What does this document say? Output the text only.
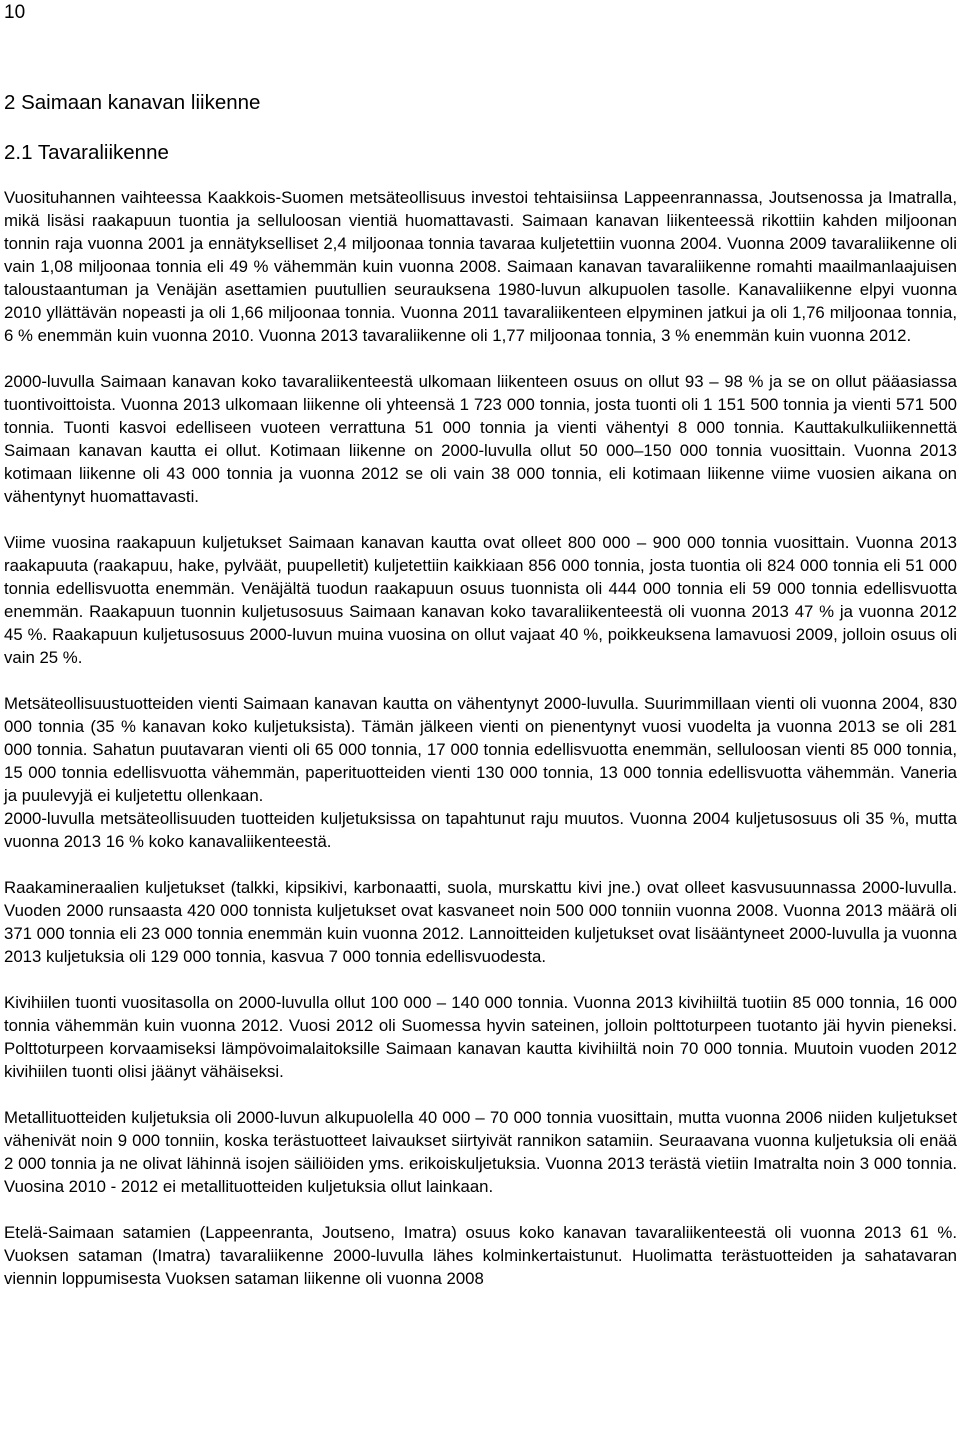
10
2 Saimaan kanavan liikenne
2.1 Tavaraliikenne

Vuosituhannen vaihteessa Kaakkois-Suomen metsäteollisuus investoi tehtaisiinsa Lappeenrannassa, Joutsenossa ja Imatralla, mikä lisäsi raakapuun tuontia ja selluloosan vientiä huomattavasti. Saimaan kanavan liikenteessä rikottiin kahden miljoonan tonnin raja vuonna 2001 ja ennätykselliset 2,4 miljoonaa tonnia tavaraa kuljetettiin vuonna 2004. Vuonna 2009 tavaraliikenne oli vain 1,08 miljoonaa tonnia eli 49 % vähemmän kuin vuonna 2008. Saimaan kanavan tavaraliikenne romahti maailmanlaajuisen taloustaantuman ja Venäjän asettamien puutullien seurauksena 1980-luvun alkupuolen tasolle. Kanavaliikenne elpyi vuonna 2010 yllättävän nopeasti ja oli 1,66 miljoonaa tonnia. Vuonna 2011 tavaraliikenteen elpyminen jatkui ja oli 1,76 miljoonaa tonnia, 6 % enemmän kuin vuonna 2010. Vuonna 2013 tavaraliikenne oli 1,77 miljoonaa tonnia, 3 % enemmän kuin vuonna 2012.

2000-luvulla Saimaan kanavan koko tavaraliikenteestä ulkomaan liikenteen osuus on ollut 93 – 98 % ja se on ollut pääasiassa tuontivoittoista. Vuonna 2013 ulkomaan liikenne oli yhteensä 1 723 000 tonnia, josta tuonti oli 1 151 500 tonnia ja vienti 571 500 tonnia. Tuonti kasvoi edelliseen vuoteen verrattuna 51 000 tonnia ja vienti vähentyi 8 000 tonnia. Kauttakulkuliikennettä Saimaan kanavan kautta ei ollut. Kotimaan liikenne on 2000-luvulla ollut 50 000–150 000 tonnia vuosittain. Vuonna 2013 kotimaan liikenne oli 43 000 tonnia ja vuonna 2012 se oli vain 38 000 tonnia, eli kotimaan liikenne viime vuosien aikana on vähentynyt huomattavasti.

Viime vuosina raakapuun kuljetukset Saimaan kanavan kautta ovat olleet 800 000 – 900 000 tonnia vuosittain. Vuonna 2013 raakapuuta (raakapuu, hake, pylväät, puupelletit) kuljetettiin kaikkiaan 856 000 tonnia, josta tuontia oli 824 000 tonnia eli 51 000 tonnia edellisvuotta enemmän. Venäjältä tuodun raakapuun osuus tuonnista oli 444 000 tonnia eli 59 000 tonnia edellisvuotta enemmän. Raakapuun tuonnin kuljetusosuus Saimaan kanavan koko tavaraliikenteestä oli vuonna 2013 47 % ja vuonna 2012 45 %. Raakapuun kuljetusosuus 2000-luvun muina vuosina on ollut vajaat 40 %, poikkeuksena lamavuosi 2009, jolloin osuus oli vain 25 %.

Metsäteollisuustuotteiden vienti Saimaan kanavan kautta on vähentynyt 2000-luvulla. Suurimmillaan vienti oli vuonna 2004, 830 000 tonnia (35 % kanavan koko kuljetuksista). Tämän jälkeen vienti on pienentynyt vuosi vuodelta ja vuonna 2013 se oli 281 000 tonnia. Sahatun puutavaran vienti oli 65 000 tonnia, 17 000 tonnia edellisvuotta enemmän, selluloosan vienti 85 000 tonnia, 15 000 tonnia edellisvuotta vähemmän, paperituotteiden vienti 130 000 tonnia, 13 000 tonnia edellisvuotta vähemmän. Vaneria ja puulevyjä ei kuljetettu ollenkaan.

2000-luvulla metsäteollisuuden tuotteiden kuljetuksissa on tapahtunut raju muutos. Vuonna 2004 kuljetusosuus oli 35 %, mutta vuonna 2013 16 % koko kanavaliikenteestä.

Raakamineraalien kuljetukset (talkki, kipsikivi, karbonaatti, suola, murskattu kivi jne.) ovat olleet kasvusuunnassa 2000-luvulla. Vuoden 2000 runsaasta 420 000 tonnista kuljetukset ovat kasvaneet noin 500 000 tonniin vuonna 2008. Vuonna 2013 määrä oli 371 000 tonnia eli 23 000 tonnia enemmän kuin vuonna 2012. Lannoitteiden kuljetukset ovat lisääntyneet 2000-luvulla ja vuonna 2013 kuljetuksia oli 129 000 tonnia, kasvua 7 000 tonnia edellisvuodesta.

Kivihiilen tuonti vuositasolla on 2000-luvulla ollut 100 000 – 140 000 tonnia. Vuonna 2013 kivihiiltä tuotiin 85 000 tonnia, 16 000 tonnia vähemmän kuin vuonna 2012. Vuosi 2012 oli Suomessa hyvin sateinen, jolloin polttoturpeen tuotanto jäi hyvin pieneksi. Polttoturpeen korvaamiseksi lämpövoimalaitoksille Saimaan kanavan kautta kivihiiltä noin 70 000 tonnia. Muutoin vuoden 2012 kivihiilen tuonti olisi jäänyt vähäiseksi.

Metallituotteiden kuljetuksia oli 2000-luvun alkupuolella 40 000 – 70 000 tonnia vuosittain, mutta vuonna 2006 niiden kuljetukset vähenivät noin 9 000 tonniin, koska terästuotteet laivaukset siirtyivät rannikon satamiin. Seuraavana vuonna kuljetuksia oli enää 2 000 tonnia ja ne olivat lähinnä isojen säiliöiden yms. erikoiskuljetuksia. Vuonna 2013 terästä vietiin Imatralta noin 3 000 tonnia. Vuosina 2010 - 2012 ei metallituotteiden kuljetuksia ollut lainkaan.

Etelä-Saimaan satamien (Lappeenranta, Joutseno, Imatra) osuus koko kanavan tavaraliikenteestä oli vuonna 2013 61 %. Vuoksen sataman (Imatra) tavaraliikenne 2000-luvulla lähes kolminkertaistunut. Huolimatta terästuotteiden ja sahatavaran viennin loppumisesta Vuoksen sataman liikenne oli vuonna 2008
